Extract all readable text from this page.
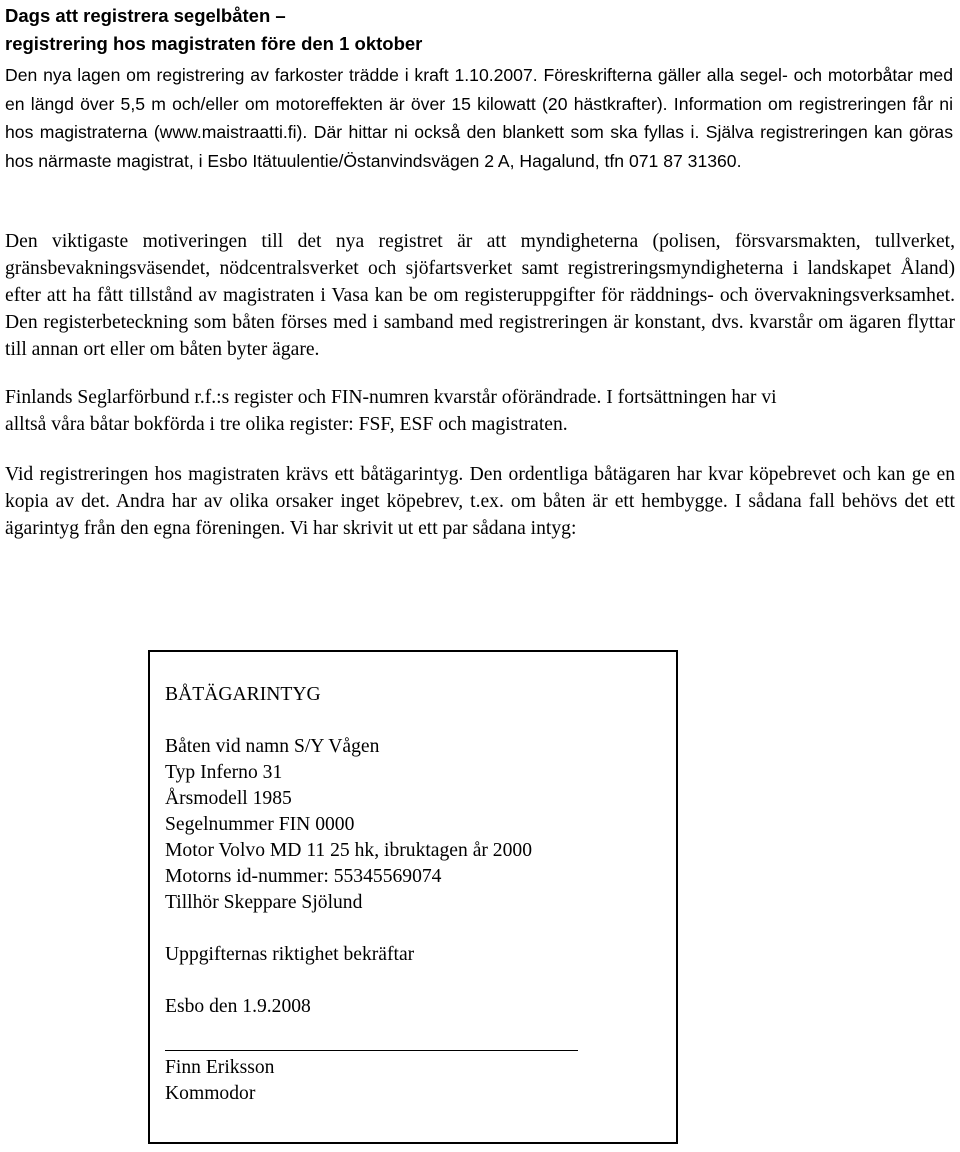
Dags att registrera segelbåten –
registrering hos magistraten före den 1 oktober

Den nya lagen om registrering av farkoster trädde i kraft 1.10.2007. Föreskrifterna gäller alla segel- och motorbåtar med en längd över 5,5 m och/eller om motoreffekten är över 15 kilowatt (20 hästkrafter). Information om registreringen får ni hos magistraterna (www.maistraatti.fi). Där hittar ni också den blankett som ska fyllas i. Själva registreringen kan göras hos närmaste magistrat, i Esbo Itätuulentie/Östanvindsvägen 2 A, Hagalund, tfn 071 87 31360.

Den viktigaste motiveringen till det nya registret är att myndigheterna (polisen, försvarsmakten, tullverket, gränsbevakningsväsendet, nödcentralsverket och sjöfartsverket samt registreringsmyndigheterna i landskapet Åland) efter att ha fått tillstånd av magistraten i Vasa kan be om registeruppgifter för räddnings- och övervakningsverksamhet. Den registerbeteckning som båten förses med i samband med registreringen är konstant, dvs. kvarstår om ägaren flyttar till annan ort eller om båten byter ägare.

Finlands Seglarförbund r.f.:s register och FIN-numren kvarstår oförändrade. I fortsättningen har vi
alltså våra båtar bokförda i tre olika register: FSF, ESF och magistraten.

Vid registreringen hos magistraten krävs ett båtägarintyg. Den ordentliga båtägaren har kvar köpebrevet och kan ge en kopia av det. Andra har av olika orsaker inget köpebrev, t.ex. om båten är ett hembygge. I sådana fall behövs det ett ägarintyg från den egna föreningen. Vi har skrivit ut ett par sådana intyg:

BÅTÄGARINTYG
Båten vid namn S/Y Vågen
Typ Inferno 31
Årsmodell 1985
Segelnummer FIN 0000
Motor Volvo MD 11 25 hk, ibruktagen år 2000
Motorns id-nummer: 55345569074
Tillhör Skeppare Sjölund
Uppgifternas riktighet bekräftar
Esbo den 1.9.2008
Finn Eriksson
Kommodor
